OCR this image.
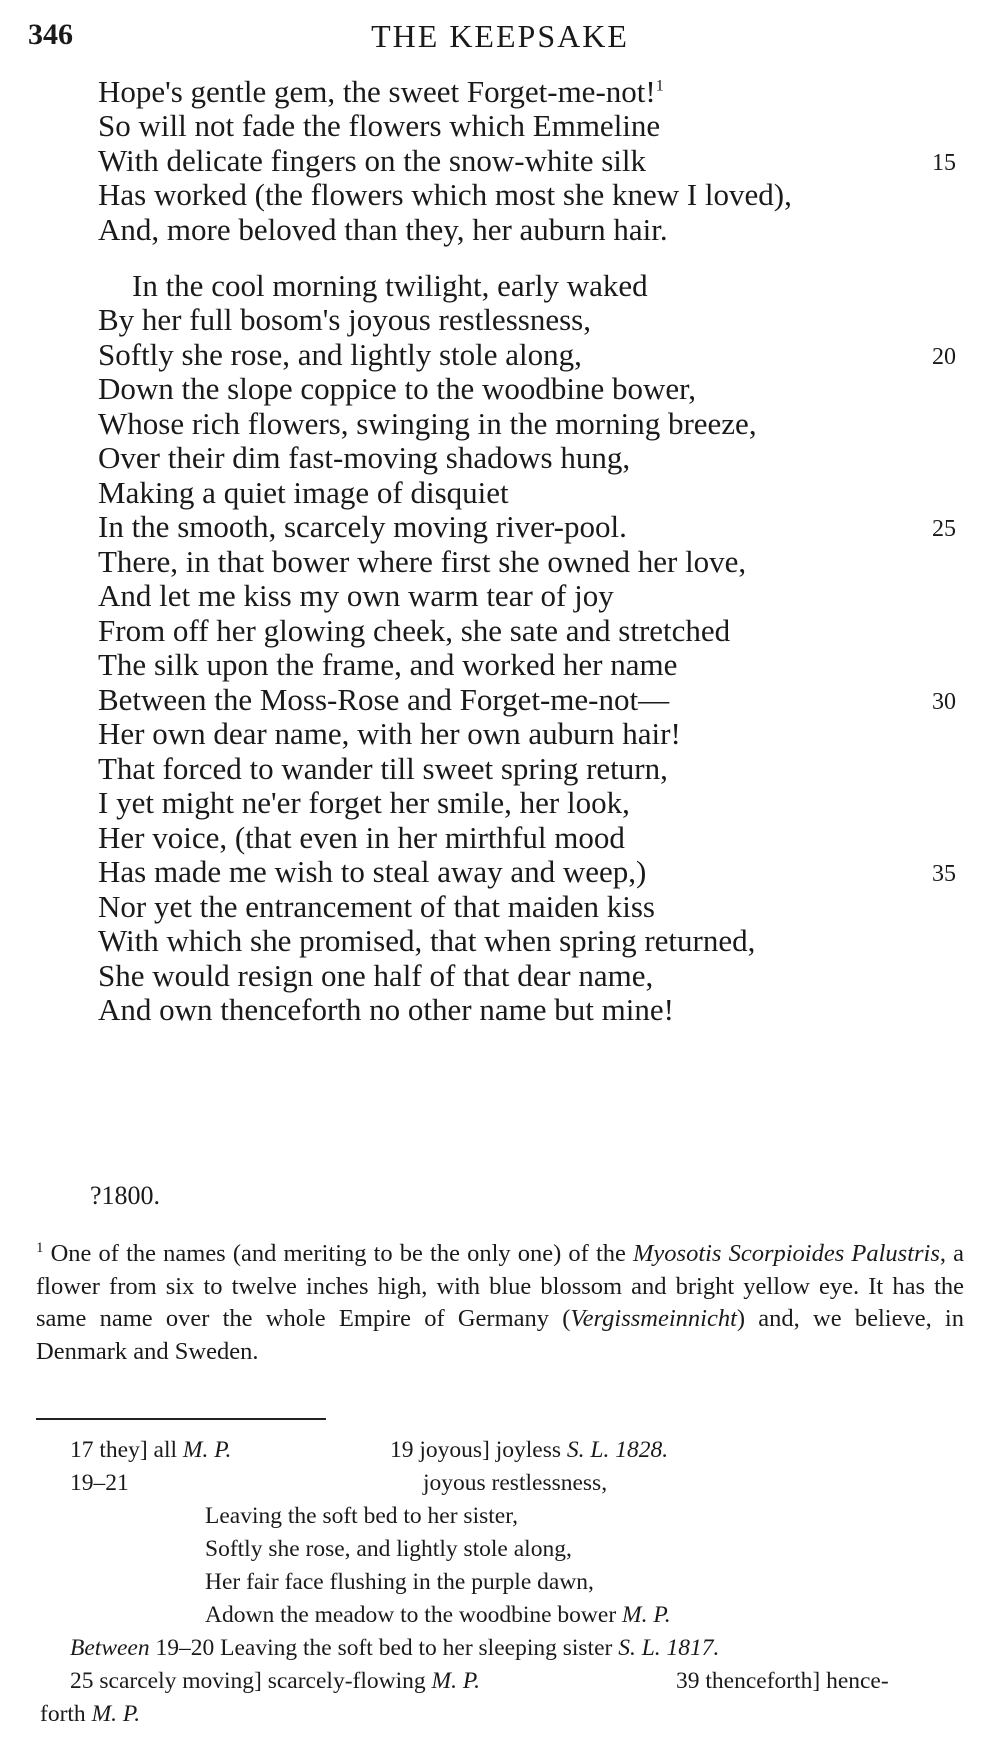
346	THE KEEPSAKE
Hope's gentle gem, the sweet Forget-me-not!$^1$
So will not fade the flowers which Emmeline
With delicate fingers on the snow-white silk
Has worked (the flowers which most she knew I loved),
And, more beloved than they, her auburn hair.
In the cool morning twilight, early waked
By her full bosom's joyous restlessness,
Softly she rose, and lightly stole along,
Down the slope coppice to the woodbine bower,
Whose rich flowers, swinging in the morning breeze,
Over their dim fast-moving shadows hung,
Making a quiet image of disquiet
In the smooth, scarcely moving river-pool.
There, in that bower where first she owned her love,
And let me kiss my own warm tear of joy
From off her glowing cheek, she sate and stretched
The silk upon the frame, and worked her name
Between the Moss-Rose and Forget-me-not—
Her own dear name, with her own auburn hair!
That forced to wander till sweet spring return,
I yet might ne'er forget her smile, her look,
Her voice, (that even in her mirthful mood
Has made me wish to steal away and weep,)
Nor yet the entrancement of that maiden kiss
With which she promised, that when spring returned,
She would resign one half of that dear name,
And own thenceforth no other name but mine!
15
20
25
30
35
?1800.

$^1$ One of the names (and meriting to be the only one) of the Myosotis Scorpioides Palustris, a flower from six to twelve inches high, with blue blossom and bright yellow eye. It has the same name over the whole Empire of Germany (Vergissmeinnicht) and, we believe, in Denmark and Sweden.

17 they] all M. P.	19 joyous] joyless S. L. 1828.
19–21	joyous restlessness,
Leaving the soft bed to her sister,
Softly she rose, and lightly stole along,
Her fair face flushing in the purple dawn,
Adown the meadow to the woodbine bower M. P.
Between 19–20 Leaving the soft bed to her sleeping sister S. L. 1817.
25 scarcely moving] scarcely-flowing M. P.	39 thenceforth] hence-
forth M. P.
